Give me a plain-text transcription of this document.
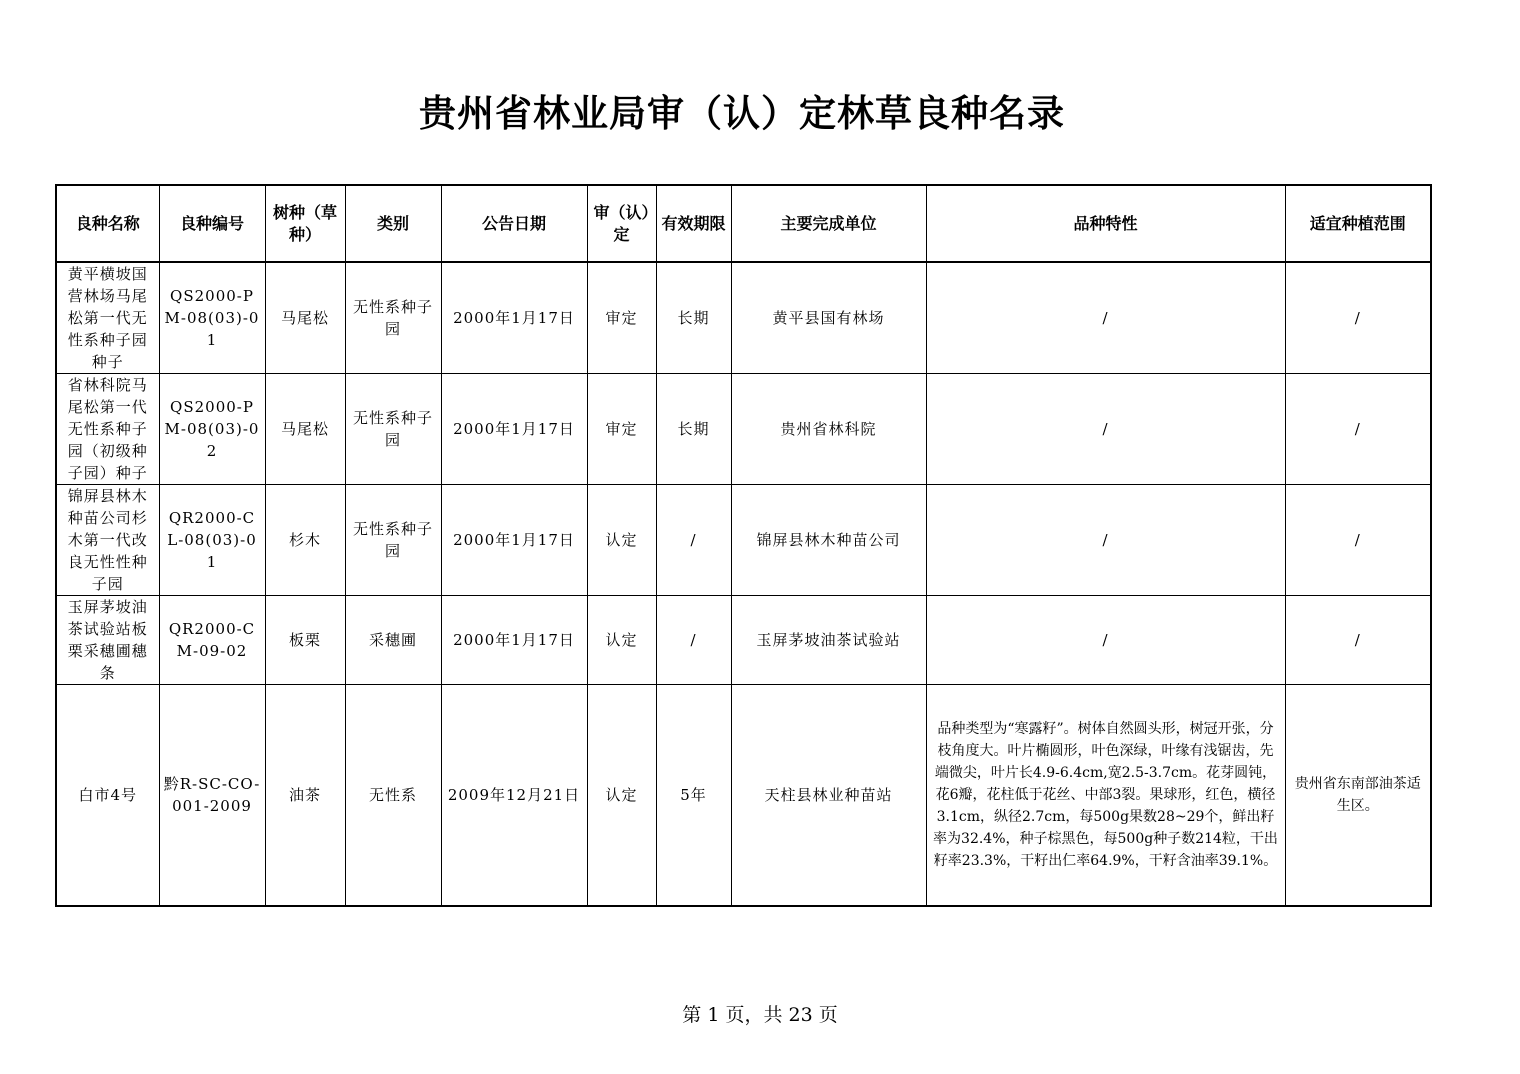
贵州省林业局审（认）定林草良种名录
良种名称	良种编号	树种（草种）	类别	公告日期	审（认）定	有效期限	主要完成单位	品种特性	适宜种植范围
黄平横坡国营林场马尾松第一代无性系种子园种子	QS2000-PM-08(03)-01	马尾松	无性系种子园	2000年1月17日	审定	长期	黄平县国有林场	/	/
省林科院马尾松第一代无性系种子园（初级种子园）种子	QS2000-PM-08(03)-02	马尾松	无性系种子园	2000年1月17日	审定	长期	贵州省林科院	/	/
锦屏县林木种苗公司杉木第一代改良无性性种子园	QR2000-CL-08(03)-01	杉木	无性系种子园	2000年1月17日	认定	/	锦屏县林木种苗公司	/	/
玉屏茅坡油茶试验站板栗采穗圃穗条	QR2000-CM-09-02	板栗	采穗圃	2000年1月17日	认定	/	玉屏茅坡油茶试验站	/	/
白市4号	黔R-SC-CO-001-2009	油茶	无性系	2009年12月21日	认定	5年	天柱县林业种苗站	品种类型为“寒露籽”。树体自然圆头形，树冠开张，分枝角度大。叶片椭圆形，叶色深绿，叶缘有浅锯齿，先端微尖，叶片长4.9-6.4cm,宽2.5-3.7cm。花芽圆钝，花6瓣，花柱低于花丝、中部3裂。果球形，红色，横径3.1cm，纵径2.7cm，每500g果数28~29个，鲜出籽率为32.4%，种子棕黑色，每500g种子数214粒，干出籽率23.3%，干籽出仁率64.9%，干籽含油率39.1%。	贵州省东南部油茶适生区。
第 1 页，共 23 页
